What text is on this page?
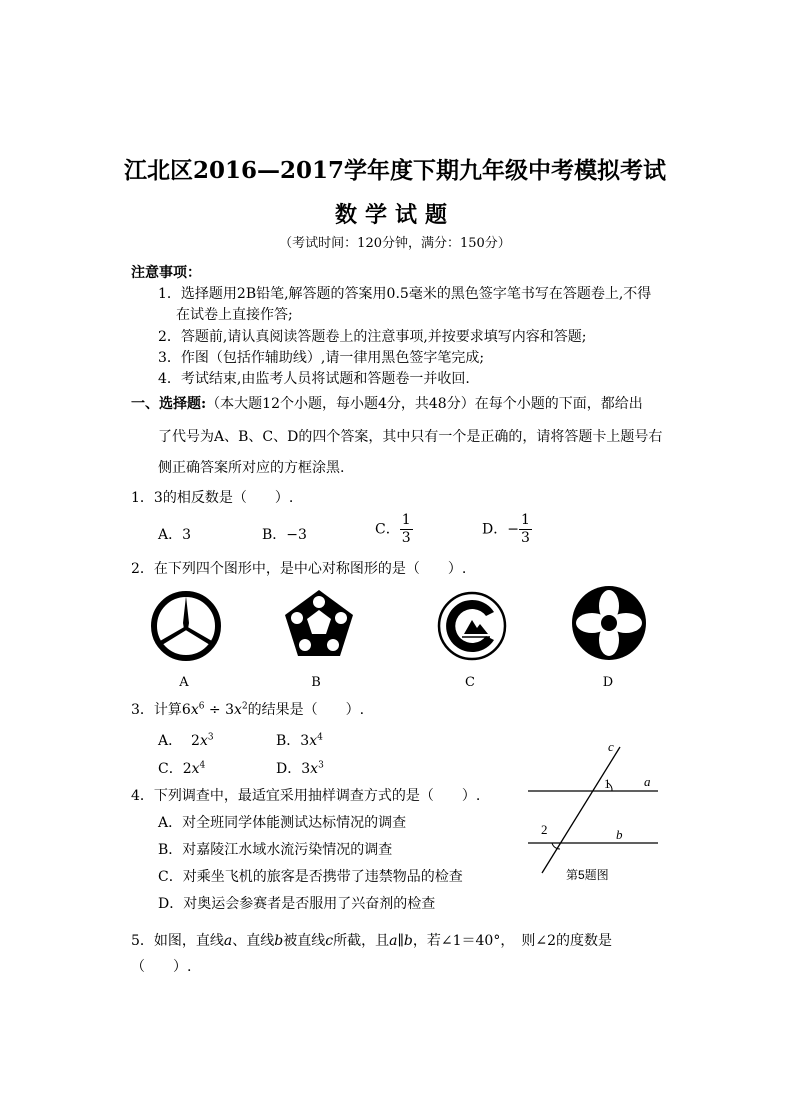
江北区2016—2017学年度下期九年级中考模拟考试
数学试题
（考试时间：120分钟，满分：150分）
注意事项：
1．选择题用2B铅笔,解答题的答案用0.5毫米的黑色签字笔书写在答题卷上,不得
在试卷上直接作答;
2．答题前,请认真阅读答题卷上的注意事项,并按要求填写内容和答题;
3．作图（包括作辅助线）,请一律用黑色签字笔完成;
4．考试结束,由监考人员将试题和答题卷一并收回.
一、选择题:（本大题12个小题，每小题4分，共48分）在每个小题的下面，都给出
了代号为A、B、C、D的四个答案，其中只有一个是正确的，请将答题卡上题号右
侧正确答案所对应的方框涂黑.
1．3的相反数是（　　）.
A．3	B．−3	C． $\frac{1}{3}$	D．− $\frac{1}{3}$
2．在下列四个图形中，是中心对称图形的是（　　）.
A	B	C	D
3．计算$6x^6 \div 3x^2$的结果是（　　）.
A．  $2x^3$	B．$3x^4$
C．$2x^4$	D．$3x^3$
4．下列调查中，最适宜采用抽样调查方式的是（　　）.
A．对全班同学体能测试达标情况的调查
B．对嘉陵江水域水流污染情况的调查
C．对乘坐飞机的旅客是否携带了违禁物品的检查
D．对奥运会参赛者是否服用了兴奋剂的检查
c
a
b
1
2
第5题图
5．如图，直线a、直线b被直线c所截，且a∥b，若∠1＝40°，　则∠2的度数是
（　　）.
